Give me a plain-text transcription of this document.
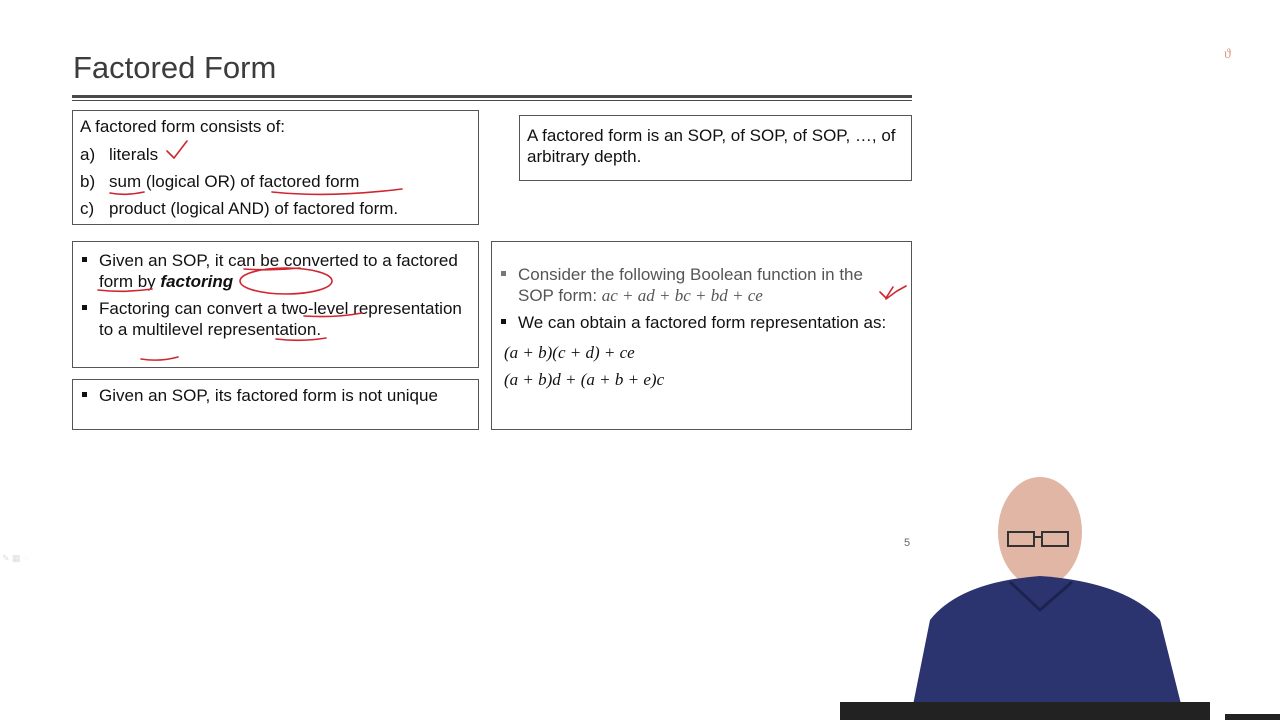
Factored Form	ϑ

A factored form consists of:

a) literals
b) sum (logical OR) of factored form
c) product (logical AND) of factored form.

A factored form is an SOP, of SOP, of SOP, …, of arbitrary depth.

Given an SOP, it can be converted to a factored form by factoring
Factoring can convert a two-level representation to a multilevel representation.
Given an SOP, its factored form is not unique
Consider the following Boolean function in the SOP form: ac + ad + bc + bd + ce
We can obtain a factored form representation as:
(a + b)(c + d) + ce
(a + b)d + (a + b + e)c
5
✎ ▦ ◌
